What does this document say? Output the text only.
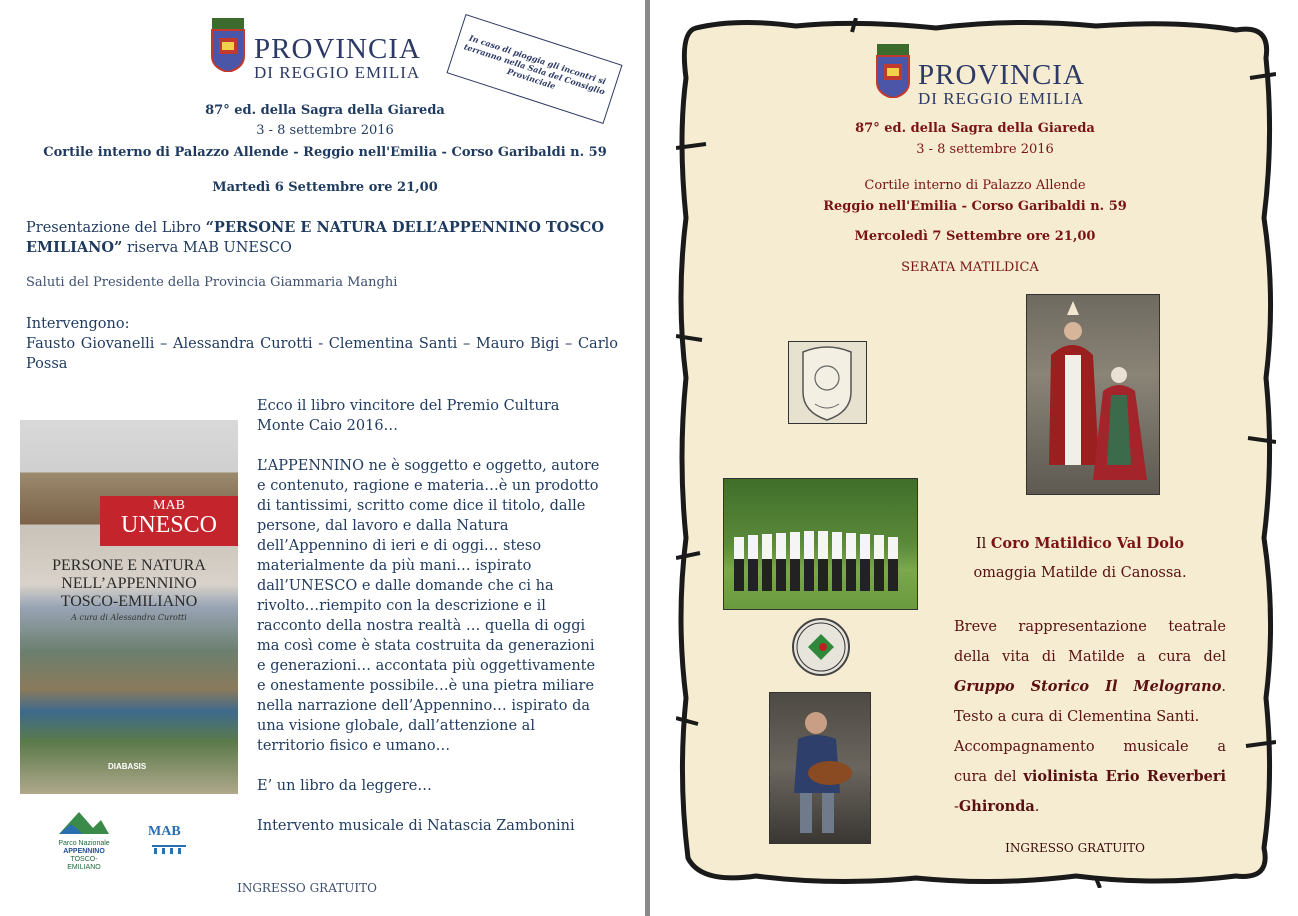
PROVINCIA
DI REGGIO EMILIA	In caso di pioggia gli incontri si terranno nella Sala del Consiglio Provinciale
87° ed. della Sagra della Giareda
3 - 8 settembre 2016
Cortile interno di Palazzo Allende - Reggio nell'Emilia - Corso Garibaldi n. 59
Martedì 6 Settembre ore 21,00
Presentazione del Libro “PERSONE E NATURA DELL’APPENNINO TOSCO EMILIANO” riserva MAB UNESCO
Saluti del Presidente della Provincia Giammaria Manghi
Intervengono:
Fausto Giovanelli – Alessandra Curotti - Clementina Santi – Mauro Bigi – Carlo Possa
MAB
UNESCO
PERSONE E NATURA
NELL’APPENNINO
TOSCO-EMILIANO
A cura di Alessandra Curotti
DIABASIS
Ecco il libro vincitore del Premio Cultura Monte Caio 2016…
L’APPENNINO ne è soggetto e oggetto, autore e contenuto, ragione e materia…è un prodotto di tantissimi, scritto come dice il titolo, dalle persone, dal lavoro e dalla Natura dell’Appennino di ieri e di oggi… steso materialmente da più mani… ispirato dall’UNESCO e dalle domande che ci ha rivolto…riempito con la descrizione e il racconto della nostra realtà … quella di oggi ma così come è stata costruita da generazioni e generazioni… accontata più oggettivamente e onestamente possibile…è una pietra miliare nella narrazione dell’Appennino… ispirato da una visione globale, dall’attenzione al territorio fisico e umano…
E’ un libro da leggere…
Intervento musicale di Natascia Zambonini
Parco Nazionale
APPENNINO
TOSCO-EMILIANO
MAB
INGRESSO GRATUITO
PROVINCIA
DI REGGIO EMILIA
87° ed. della Sagra della Giareda
3 - 8 settembre 2016
Cortile interno di Palazzo Allende
Reggio nell'Emilia - Corso Garibaldi n. 59
Mercoledì 7 Settembre ore 21,00
SERATA MATILDICA
Il Coro Matildico Val Dolo
omaggia Matilde di Canossa.
Breve rappresentazione teatrale
della vita di Matilde a cura del
Gruppo Storico Il Melograno.
Testo a cura di Clementina Santi.
Accompagnamento musicale a
cura del violinista Erio Reverberi
-Ghironda.
INGRESSO GRATUITO
